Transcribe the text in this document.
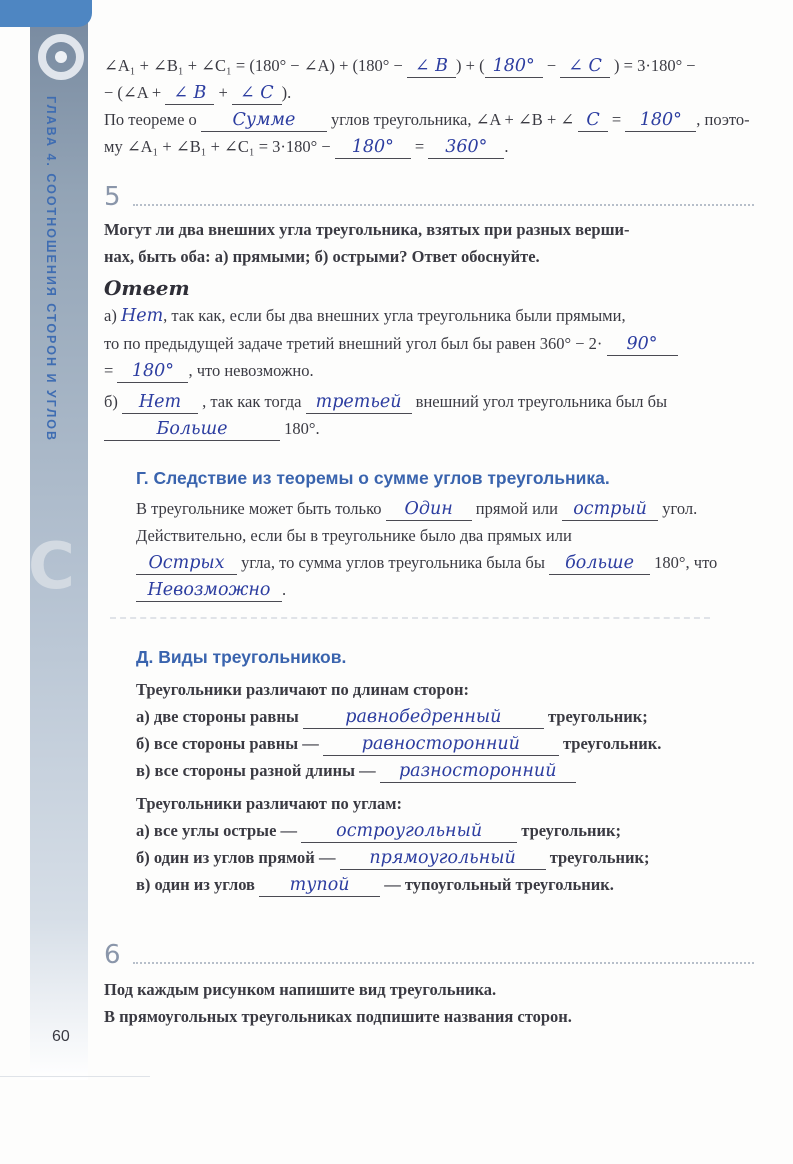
ГЛАВА 4. СООТНОШЕНИЯ СТОРОН И УГЛОВ
C

∠A₁ + ∠B₁ + ∠C₁ = (180° − ∠A) + (180° − ∠ B ) + ( 180° − ∠ C ) = 3·180° −

− (∠A + ∠ B + ∠ C ).

По теореме о Сумме углов треугольника, ∠A + ∠B + ∠ C = 180° , поэто-

му ∠A₁ + ∠B₁ + ∠C₁ = 3·180° − 180° = 360° .

5

Могут ли два внешних угла треугольника, взятых при разных верши-

нах, быть оба: а) прямыми; б) острыми? Ответ обоснуйте.

Ответ

а) Нет, так как, если бы два внешних угла треугольника были прямыми,

то по предыдущей задаче третий внешний угол был бы равен 360° − 2· 90°

= 180° , что невозможно.

б) Нет , так как тогда третьей внешний угол треугольника был бы

Больше	180°.

Г. Следствие из теоремы о сумме углов треугольника.

В треугольнике может быть только Один прямой или острый угол.

Действительно, если бы в треугольнике было два прямых или

Острых угла, то сумма углов треугольника была бы больше 180°, что

Невозможно .

Д. Виды треугольников.

Треугольники различают по длинам сторон:

а) две стороны равны равнобедренный	треугольник;

б) все стороны равны — равносторонний треугольник.

в) все стороны разной длины — разносторонний

Треугольники различают по углам:

а) все углы острые — остроугольный треугольник;

б) один из углов прямой — прямоугольный треугольник;

в) один из углов тупой — тупоугольный треугольник.

6

Под каждым рисунком напишите вид треугольника.

В прямоугольных треугольниках подпишите названия сторон.

60
